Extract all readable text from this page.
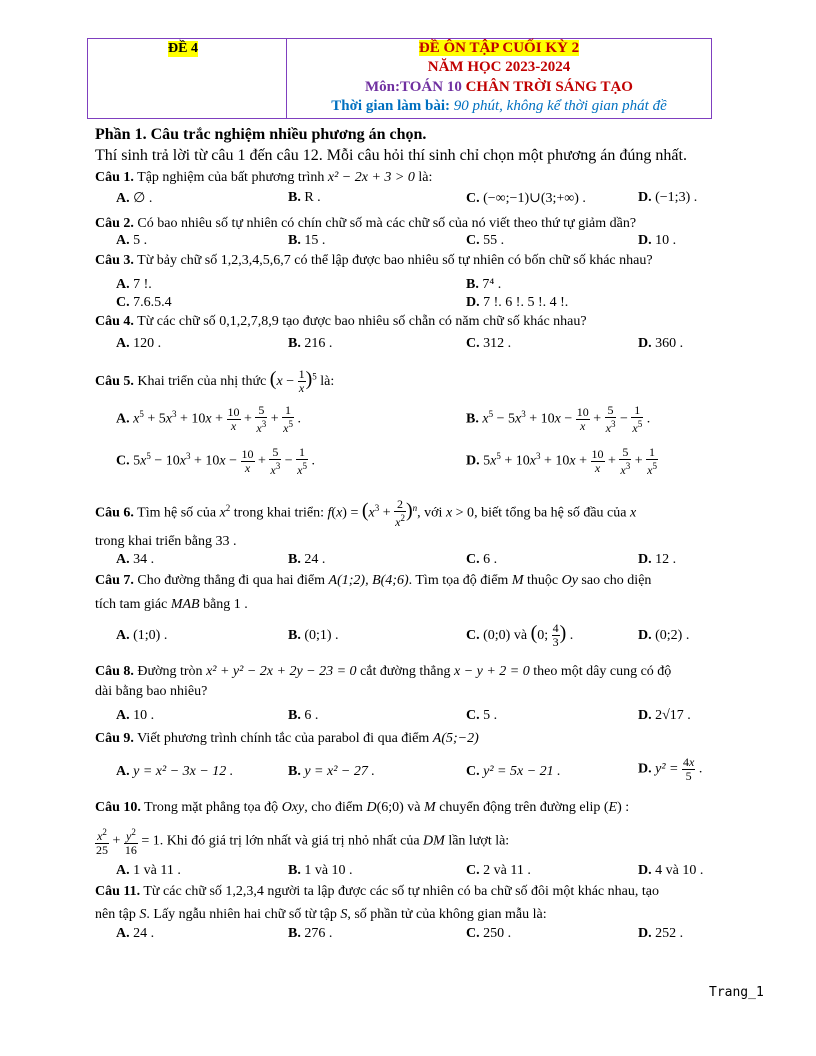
ĐỀ 4	ĐỀ ÔN TẬP CUỐI KỲ 2
NĂM HỌC 2023-2024
Môn:TOÁN 10 CHÂN TRỜI SÁNG TẠO
Thời gian làm bài: 90 phút, không kể thời gian phát đề
Phần 1. Câu trắc nghiệm nhiều phương án chọn.
Thí sinh trả lời từ câu 1 đến câu 12. Mỗi câu hỏi thí sinh chỉ chọn một phương án đúng nhất.
Câu 1. Tập nghiệm của bất phương trình x² − 2x + 3 > 0 là:
A. ∅ .	B. R .	C. (−∞;−1)∪(3;+∞) .	D. (−1;3) .
Câu 2. Có bao nhiêu số tự nhiên có chín chữ số mà các chữ số của nó viết theo thứ tự giảm dần?
A. 5 .	B. 15 .	C. 55 .	D. 10 .
Câu 3. Từ bảy chữ số 1,2,3,4,5,6,7 có thể lập được bao nhiêu số tự nhiên có bốn chữ số khác nhau?
A. 7 !.	B. 7⁴ .
C. 7.6.5.4	D. 7 !. 6 !. 5 !. 4 !.
Câu 4. Từ các chữ số 0,1,2,7,8,9 tạo được bao nhiêu số chẵn có năm chữ số khác nhau?
A. 120 .	B. 216 .	C. 312 .	D. 360 .
Câu 5. Khai triển của nhị thức $(x - \frac{1}{x} )^5$ là:
A. $x^5 + 5x^3 + 10x + \frac{10}{x} + \frac{5}{x^3} + \frac{1}{x^5}$ .	B. $x^5 - 5x^3 + 10x - \frac{10}{x} + \frac{5}{x^3} - \frac{1}{x^5}$ .
C. $5x^5 - 10x^3 + 10x - \frac{10}{x} + \frac{5}{x^3} - \frac{1}{x^5}$ .	D. $5x^5 + 10x^3 + 10x + \frac{10}{x} + \frac{5}{x^3} + \frac{1}{x^5}$
Câu 6. Tìm hệ số của $x^2$ trong khai triển: $f(x) = (x^3 + \frac{2}{x^2} )^n$, với x > 0, biết tổng ba hệ số đầu của x
trong khai triển bằng 33 .
A. 34 .	B. 24 .	C. 6 .	D. 12 .
Câu 7. Cho đường thẳng đi qua hai điểm A(1;2), B(4;6). Tìm tọa độ điểm M thuộc Oy sao cho diện
tích tam giác MAB bằng 1 .
A. (1;0) .	B. (0;1) .	C. (0;0) và (0; $\frac{4}{3}$ ) .	D. (0;2) .
Câu 8. Đường tròn x² + y² − 2x + 2y − 23 = 0 cắt đường thẳng x − y + 2 = 0 theo một dây cung có độ
dài bằng bao nhiêu?
A. 10 .	B. 6 .	C. 5 .	D. 2√17 .
Câu 9. Viết phương trình chính tắc của parabol đi qua điểm A(5;−2)
A. y = x² − 3x − 12 .	B. y = x² − 27 .	C. y² = 5x − 21 .	D. $y^2 = \frac{4x}{5}$ .
Câu 10. Trong mặt phẳng tọa độ Oxy, cho điểm D(6;0) và M chuyển động trên đường elip (E) :
$\frac{x^2}{25} + \frac{y^2}{16} = 1$. Khi đó giá trị lớn nhất và giá trị nhỏ nhất của DM lần lượt là:
A. 1 và 11 .	B. 1 và 10 .	C. 2 và 11 .	D. 4 và 10 .
Câu 11. Từ các chữ số 1,2,3,4 người ta lập được các số tự nhiên có ba chữ số đôi một khác nhau, tạo
nên tập S. Lấy ngẫu nhiên hai chữ số từ tập S, số phần tử của không gian mẫu là:
A. 24 .	B. 276 .	C. 250 .	D. 252 .
Trang_1
